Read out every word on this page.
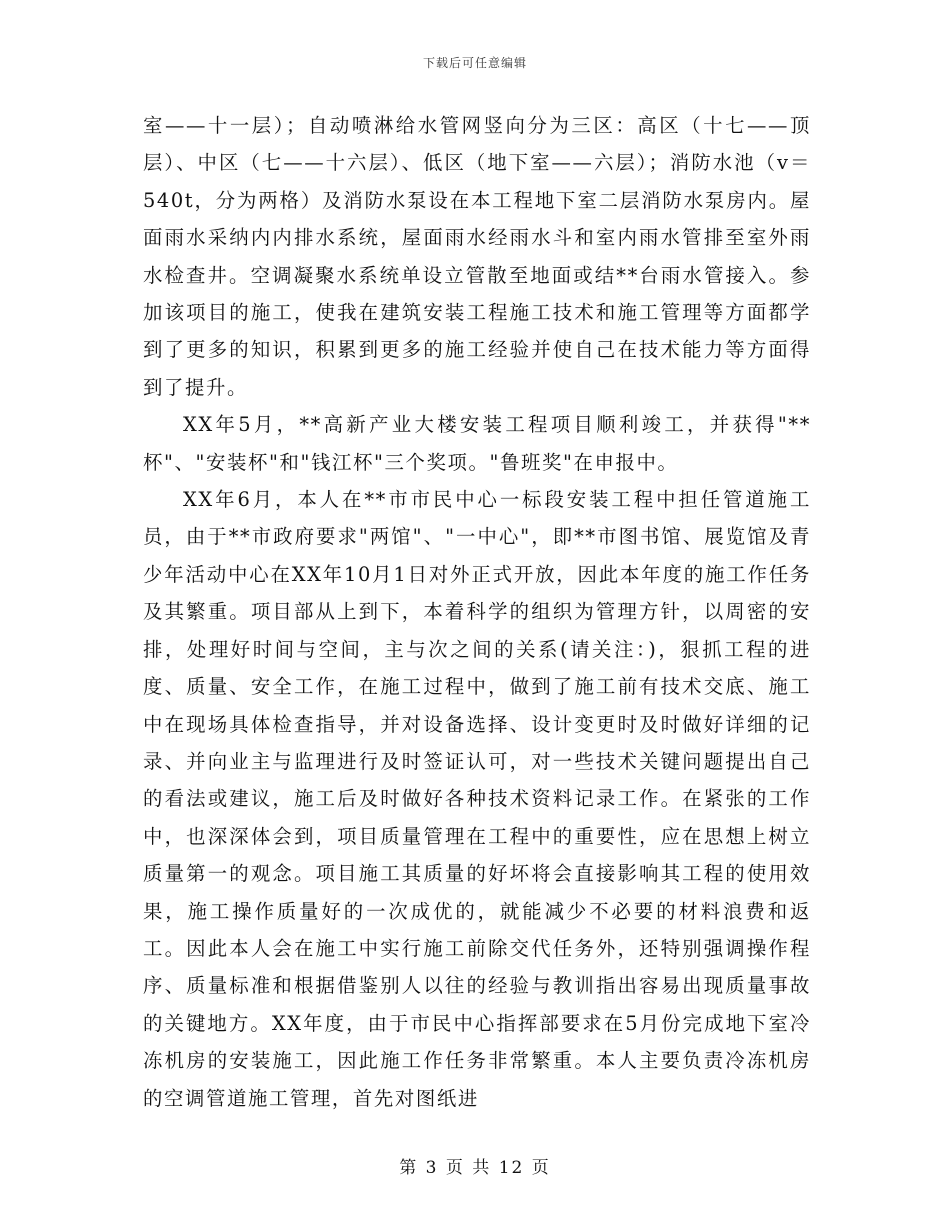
下载后可任意编辑

室——十一层）；自动喷淋给水管网竖向分为三区：高区（十七——顶层）、中区（七——十六层）、低区（地下室——六层）；消防水池（v＝540t，分为两格）及消防水泵设在本工程地下室二层消防水泵房内。屋面雨水采纳内内排水系统，屋面雨水经雨水斗和室内雨水管排至室外雨水检查井。空调凝聚水系统单设立管散至地面或结**台雨水管接入。参加该项目的施工，使我在建筑安装工程施工技术和施工管理等方面都学到了更多的知识，积累到更多的施工经验并使自己在技术能力等方面得到了提升。

XX年5月，**高新产业大楼安装工程项目顺利竣工，并获得"**杯"、"安装杯"和"钱江杯"三个奖项。"鲁班奖"在申报中。

XX年6月，本人在**市市民中心一标段安装工程中担任管道施工员，由于**市政府要求"两馆"、"一中心"，即**市图书馆、展览馆及青少年活动中心在XX年10月1日对外正式开放，因此本年度的施工作任务及其繁重。项目部从上到下，本着科学的组织为管理方针，以周密的安排，处理好时间与空间，主与次之间的关系(请关注：)，狠抓工程的进度、质量、安全工作，在施工过程中，做到了施工前有技术交底、施工中在现场具体检查指导，并对设备选择、设计变更时及时做好详细的记录、并向业主与监理进行及时签证认可，对一些技术关键问题提出自己的看法或建议，施工后及时做好各种技术资料记录工作。在紧张的工作中，也深深体会到，项目质量管理在工程中的重要性，应在思想上树立质量第一的观念。项目施工其质量的好坏将会直接影响其工程的使用效果，施工操作质量好的一次成优的，就能减少不必要的材料浪费和返工。因此本人会在施工中实行施工前除交代任务外，还特别强调操作程序、质量标准和根据借鉴别人以往的经验与教训指出容易出现质量事故的关键地方。XX年度，由于市民中心指挥部要求在5月份完成地下室冷冻机房的安装施工，因此施工作任务非常繁重。本人主要负责冷冻机房的空调管道施工管理，首先对图纸进

第 3 页 共 12 页
